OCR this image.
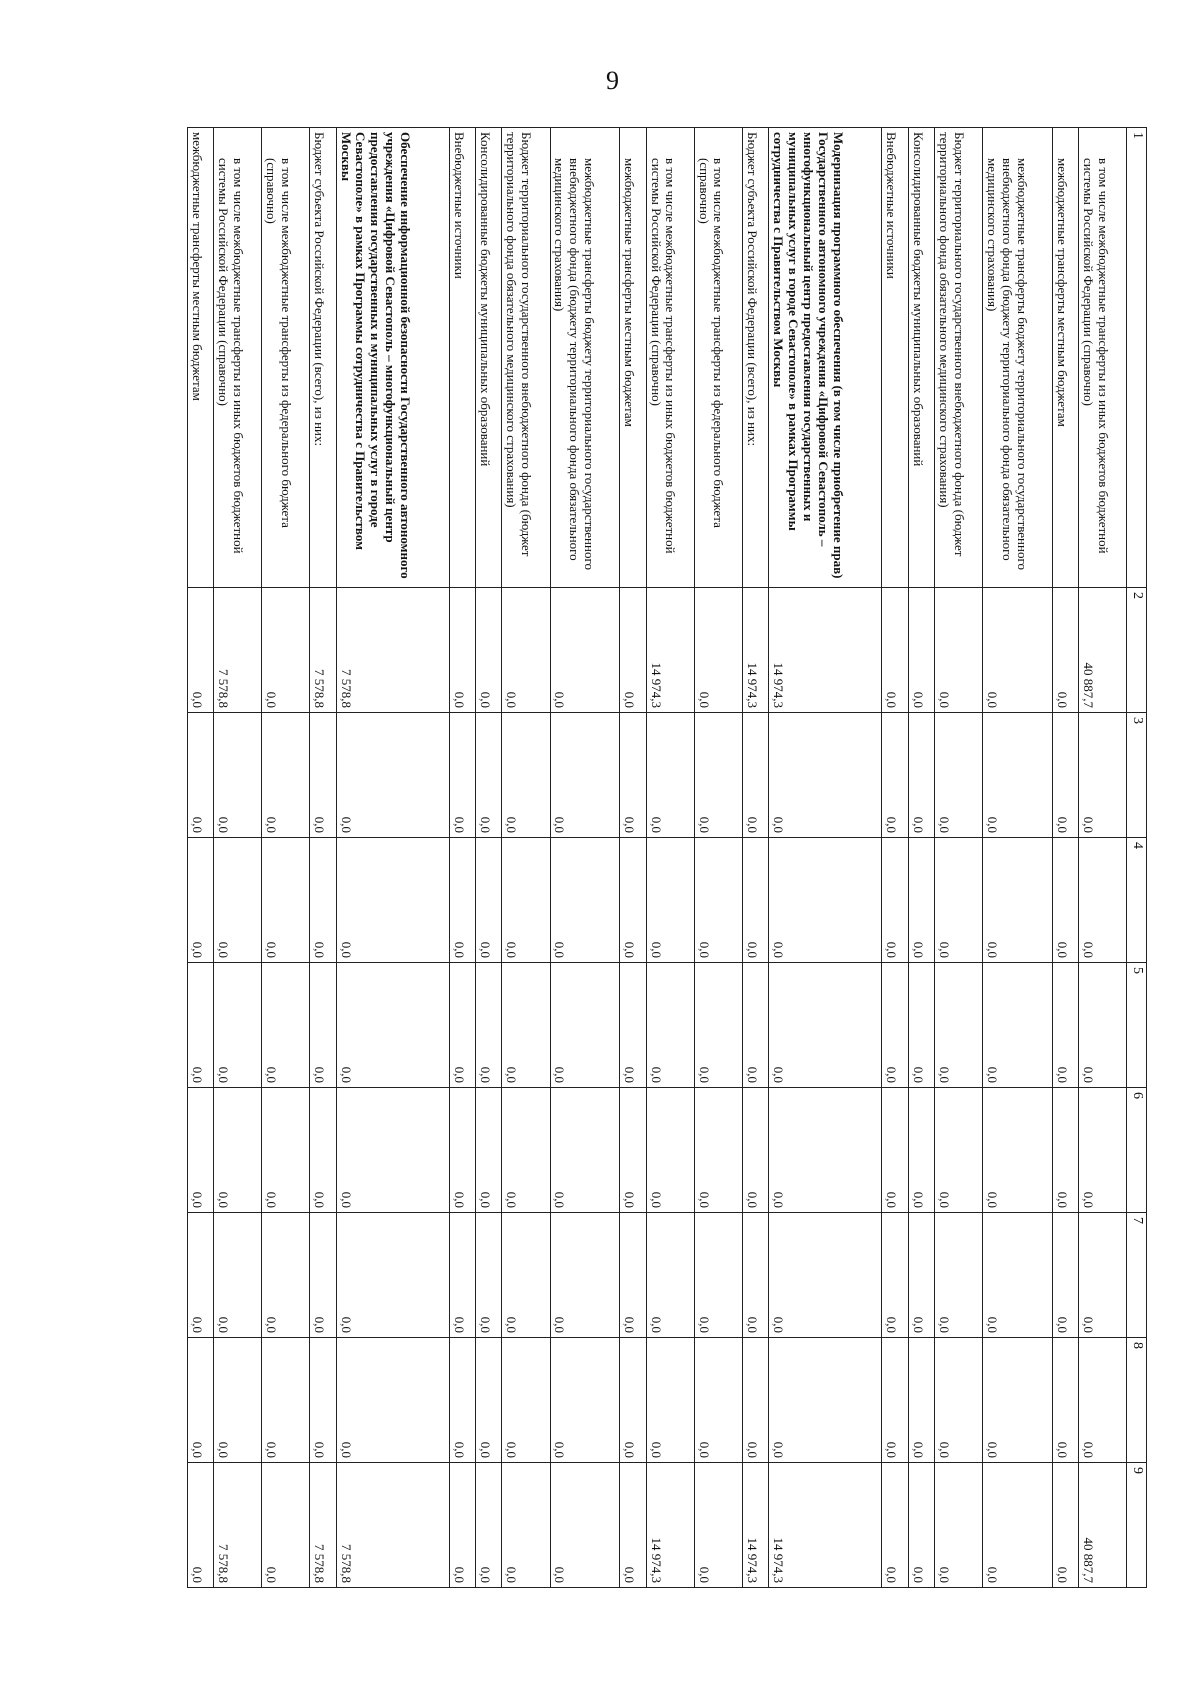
9
1	2	3	4	5	6	7	8	9
в том числе межбюджетные трансферты из иных бюджетов бюджетной системы Российской Федерации (справочно)	40 887,7	0,0	0,0	0,0	0,0	0,0	0,0	40 887,7
межбюджетные трансферты местным бюджетам	0,0	0,0	0,0	0,0	0,0	0,0	0,0	0,0
межбюджетные трансферты бюджету территориального государственного внебюджетного фонда (бюджету территориального фонда обязательного медицинского страхования)	0,0	0,0	0,0	0,0	0,0	0,0	0,0	0,0
Бюджет территориального государственного внебюджетного фонда (бюджет территориального фонда обязательного медицинского страхования)	0,0	0,0	0,0	0,0	0,0	0,0	0,0	0,0
Консолидированные бюджеты муниципальных образований	0,0	0,0	0,0	0,0	0,0	0,0	0,0	0,0
Внебюджетные источники	0,0	0,0	0,0	0,0	0,0	0,0	0,0	0,0
Модернизация программного обеспечения (в том числе приобретение прав) Государственного автономного учреждения «Цифровой Севастополь – многофункциональный центр предоставления государственных и муниципальных услуг в городе Севастополе» в рамках Программы сотрудничества с Правительством Москвы	14 974,3	0,0	0,0	0,0	0,0	0,0	0,0	14 974,3
Бюджет субъекта Российской Федерации (всего), из них:	14 974,3	0,0	0,0	0,0	0,0	0,0	0,0	14 974,3
в том числе межбюджетные трансферты из федерального бюджета (справочно)	0,0	0,0	0,0	0,0	0,0	0,0	0,0	0,0
в том числе межбюджетные трансферты из иных бюджетов бюджетной системы Российской Федерации (справочно)	14 974,3	0,0	0,0	0,0	0,0	0,0	0,0	14 974,3
межбюджетные трансферты местным бюджетам	0,0	0,0	0,0	0,0	0,0	0,0	0,0	0,0
межбюджетные трансферты бюджету территориального государственного внебюджетного фонда (бюджету территориального фонда обязательного медицинского страхования)	0,0	0,0	0,0	0,0	0,0	0,0	0,0	0,0
Бюджет территориального государственного внебюджетного фонда (бюджет территориального фонда обязательного медицинского страхования)	0,0	0,0	0,0	0,0	0,0	0,0	0,0	0,0
Консолидированные бюджеты муниципальных образований	0,0	0,0	0,0	0,0	0,0	0,0	0,0	0,0
Внебюджетные источники	0,0	0,0	0,0	0,0	0,0	0,0	0,0	0,0
Обеспечение информационной безопасности Государственного автономного учреждения «Цифровой Севастополь – многофункциональный центр предоставления государственных и муниципальных услуг в городе Севастополе» в рамках Программы сотрудничества с Правительством Москвы	7 578,8	0,0	0,0	0,0	0,0	0,0	0,0	7 578,8
Бюджет субъекта Российской Федерации (всего), из них:	7 578,8	0,0	0,0	0,0	0,0	0,0	0,0	7 578,8
в том числе межбюджетные трансферты из федерального бюджета (справочно)	0,0	0,0	0,0	0,0	0,0	0,0	0,0	0,0
в том числе межбюджетные трансферты из иных бюджетов бюджетной системы Российской Федерации (справочно)	7 578,8	0,0	0,0	0,0	0,0	0,0	0,0	7 578,8
межбюджетные трансферты местным бюджетам	0,0	0,0	0,0	0,0	0,0	0,0	0,0	0,0
